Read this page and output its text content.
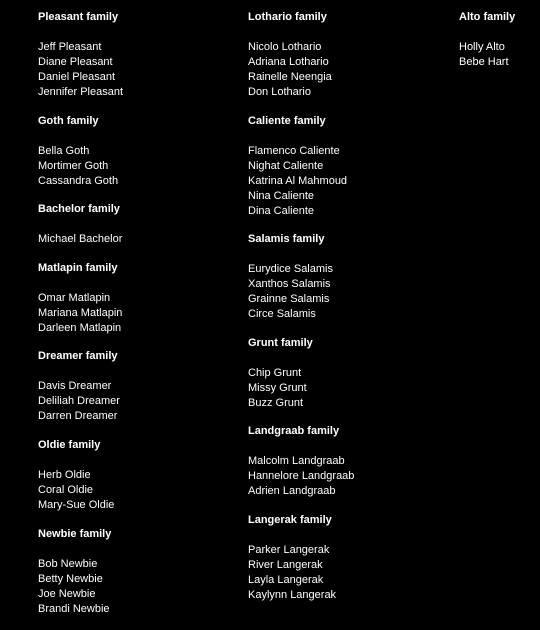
Pleasant family
Jeff Pleasant
Diane Pleasant
Daniel Pleasant
Jennifer Pleasant
Goth family
Bella Goth
Mortimer Goth
Cassandra Goth
Bachelor family
Michael Bachelor
Matlapin family
Omar Matlapin
Mariana Matlapin
Darleen Matlapin
Dreamer family
Davis Dreamer
Deliliah Dreamer
Darren Dreamer
Oldie family
Herb Oldie
Coral Oldie
Mary-Sue Oldie
Newbie family
Bob Newbie
Betty Newbie
Joe Newbie
Brandi Newbie
Lothario family
Nicolo Lothario
Adriana Lothario
Rainelle Neengia
Don Lothario
Caliente family
Flamenco Caliente
Nighat Caliente
Katrina Al Mahmoud
Nina Caliente
Dina Caliente
Salamis family
Eurydice Salamis
Xanthos Salamis
Grainne Salamis
Circe Salamis
Grunt family
Chip Grunt
Missy Grunt
Buzz Grunt
Landgraab family
Malcolm Landgraab
Hannelore Landgraab
Adrien Landgraab
Langerak family
Parker Langerak
River Langerak
Layla Langerak
Kaylynn Langerak
Alto family
Holly Alto
Bebe Hart
